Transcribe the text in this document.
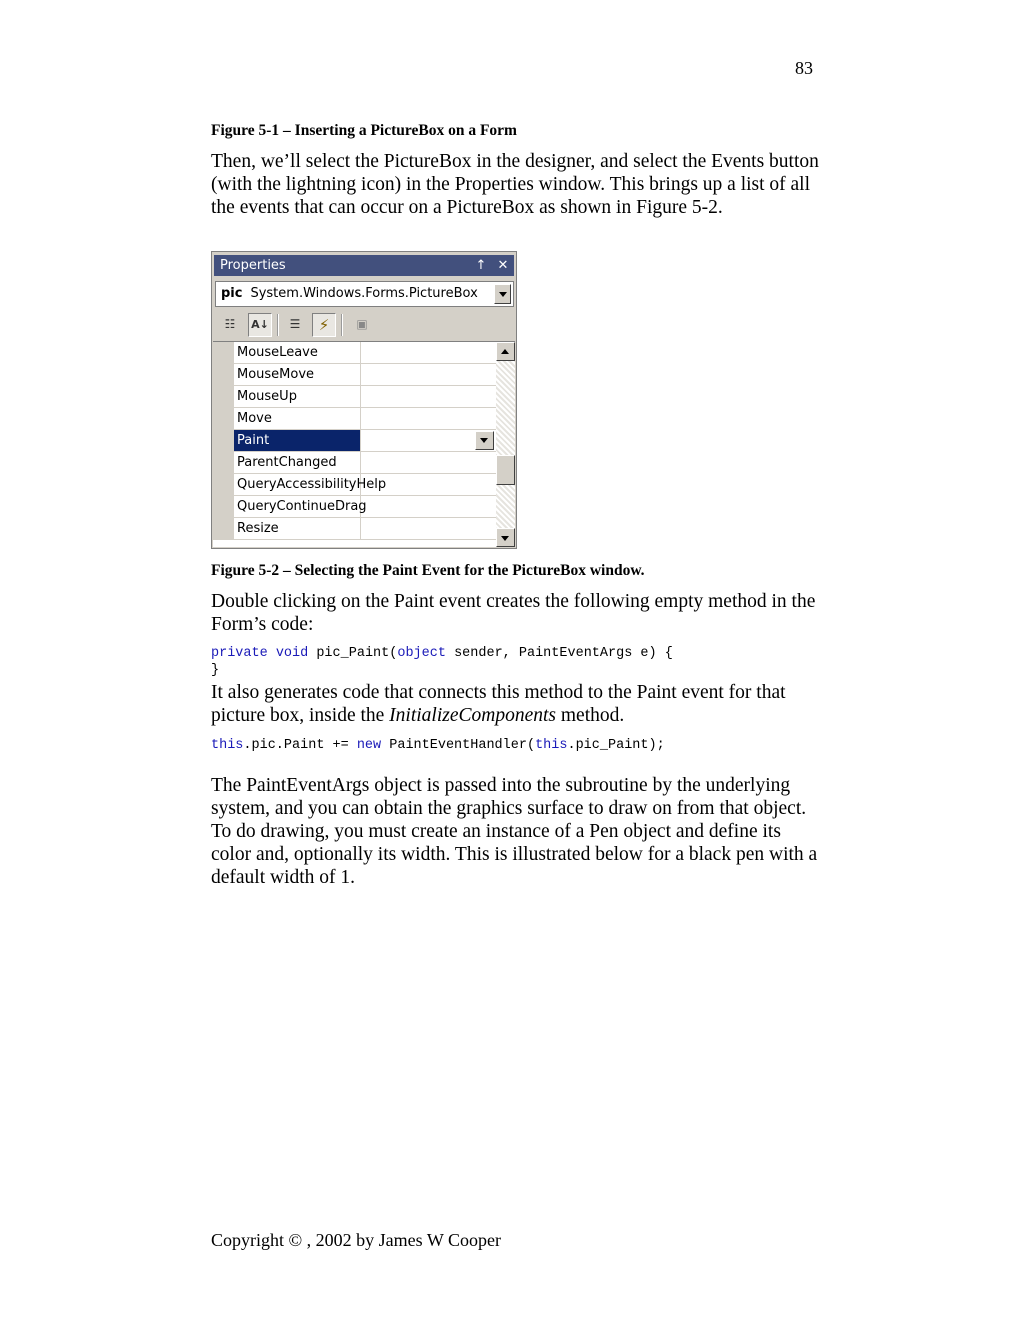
83
Figure 5-1 – Inserting a PictureBox on a Form
Then, we’ll select the PictureBox in the designer, and select the Events button (with the lightning icon) in the Properties window. This brings up a list of all the events that can occur on a PictureBox as shown in Figure 5-2.
Properties	↑ ✕
pic System.Windows.Forms.PictureBox
☷	A↓	☰	⚡	▣
MouseLeave
MouseMove
MouseUp
Move
Paint
ParentChanged
QueryAccessibilityHelp
QueryContinueDrag
Resize
Figure 5-2 – Selecting the Paint Event for the PictureBox window.
Double clicking on the Paint event creates the following empty method in the Form’s code:
private void pic_Paint(object sender, PaintEventArgs e) {
}
It also generates code that connects this method to the Paint event for that picture box, inside the InitializeComponents method.
this.pic.Paint += new PaintEventHandler(this.pic_Paint);
The PaintEventArgs object is passed into the subroutine by the underlying system, and you can obtain the graphics surface to draw on from that object. To do drawing, you must create an instance of a Pen object and define its color and, optionally its width. This is illustrated below for a black pen with a default width of 1.
Copyright © , 2002 by James W Cooper
